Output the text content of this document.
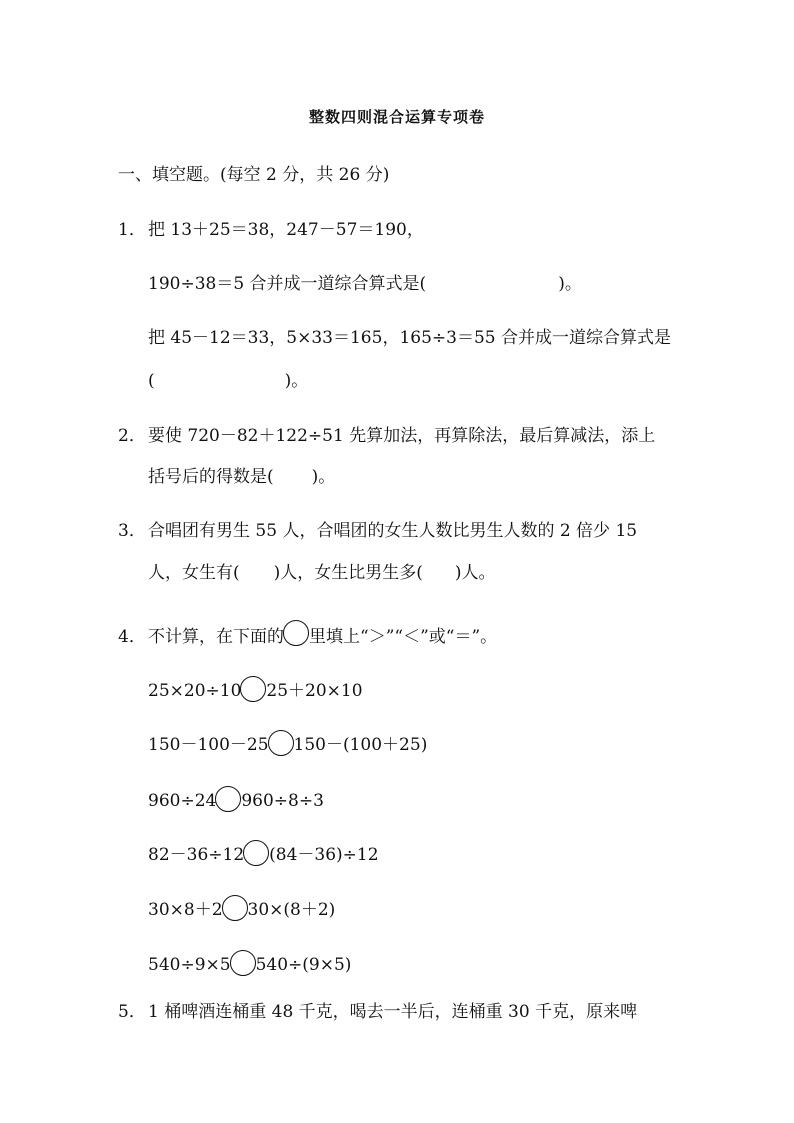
整数四则混合运算专项卷
一、填空题。(每空 2 分，共 26 分)
1． 把 13＋25＝38，247－57＝190，
190÷38＝5 合并成一道综合算式是(	)。
把 45－12＝33，5×33＝165，165÷3＝55 合并成一道综合算式是
(	)。
2． 要使 720－82＋122÷51 先算加法，再算除法，最后算减法，添上
括号后的得数是( )。
3． 合唱团有男生 55 人，合唱团的女生人数比男生人数的 2 倍少 15
人，女生有( )人，女生比男生多( )人。
4． 不计算，在下面的 里填上“＞”“＜”或“＝”。
25×20÷10 25＋20×10
150－100－25 150－(100＋25)
960÷24 960÷8÷3
82－36÷12 (84－36)÷12
30×8＋2 30×(8＋2)
540÷9×5 540÷(9×5)
5． 1 桶啤酒连桶重 48 千克，喝去一半后，连桶重 30 千克，原来啤
